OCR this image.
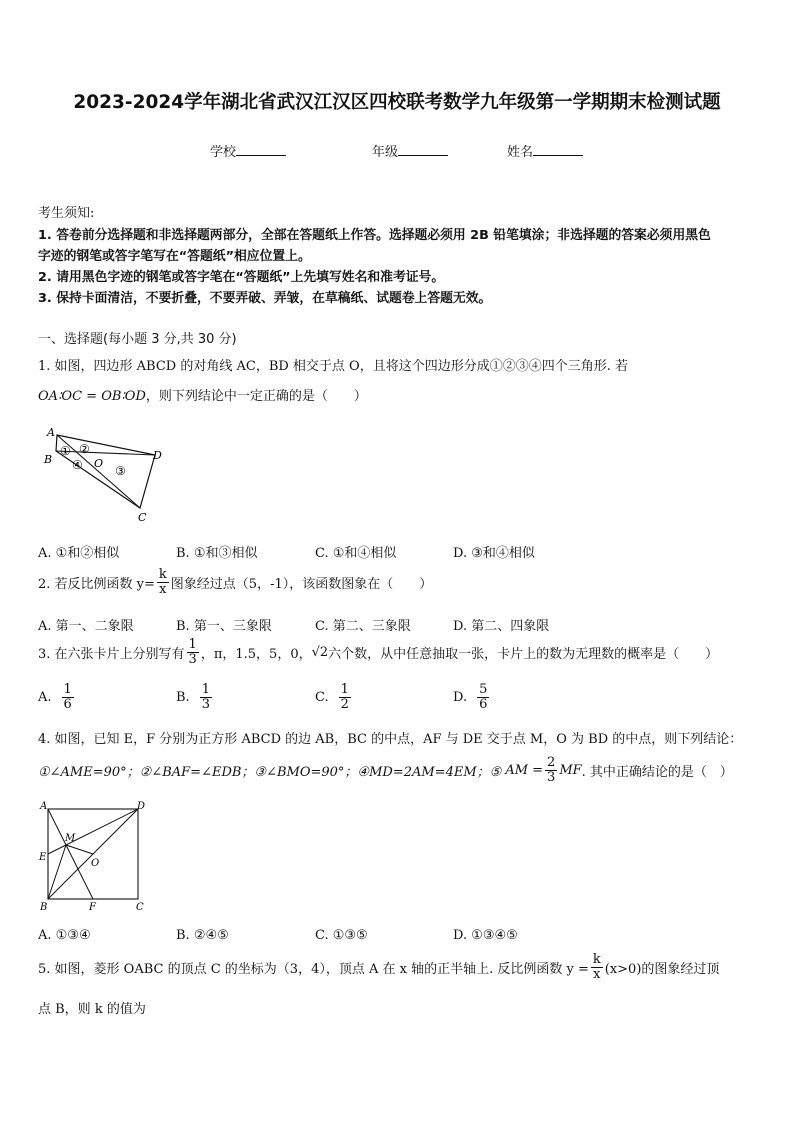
2023-2024学年湖北省武汉江汉区四校联考数学九年级第一学期期末检测试题
学校	年级	姓名
考生须知:
1. 答卷前分选择题和非选择题两部分，全部在答题纸上作答。选择题必须用 2B 铅笔填涂；非选择题的答案必须用黑色
字迹的钢笔或答字笔写在“答题纸”相应位置上。
2. 请用黑色字迹的钢笔或答字笔在“答题纸”上先填写姓名和准考证号。
3. 保持卡面清洁，不要折叠，不要弄破、弄皱，在草稿纸、试题卷上答题无效。
一、选择题(每小题 3 分,共 30 分)
1. 如图，四边形 ABCD 的对角线 AC，BD 相交于点 O，且将这个四边形分成①②③④四个三角形. 若
OA∶OC = OB∶OD，则下列结论中一定正确的是（　　）
A
B
C
D
O
① ②
③
④
A. ①和②相似	B. ①和③相似	C. ①和④相似	D. ③和④相似
2. 若反比例函数 $y= \frac{k}{x}$ 图象经过点（5，-1），该函数图象在（　　）
A. 第一、二象限	B. 第一、三象限	C. 第二、三象限	D. 第二、四象限
3. 在六张卡片上分别写有 $\frac{1}{3}$ ，π，1.5，5，0， √2 六个数，从中任意抽取一张，卡片上的数为无理数的概率是（　　）
A. $\frac{1}{6}$	B. $\frac{1}{3}$	C. $\frac{1}{2}$	D. $\frac{5}{6}$
4. 如图，已知 E，F 分别为正方形 ABCD 的边 AB，BC 的中点，AF 与 DE 交于点 M，O 为 BD 的中点，则下列结论：
①∠AME=90°；②∠BAF=∠EDB；③∠BMO=90°；④MD=2AM=4EM；⑤ AM = $\frac{2}{3}$ MF . 其中正确结论的是（　）
A	D
E
M
O
B	F	C
A. ①③④	B. ②④⑤	C. ①③⑤	D. ①③④⑤
5. 如图，菱形 OABC 的顶点 C 的坐标为（3，4），顶点 A 在 x 轴的正半轴上. 反比例函数 $y = \frac{k}{x} (x>0)$的图象经过顶
点 B，则 k 的值为
